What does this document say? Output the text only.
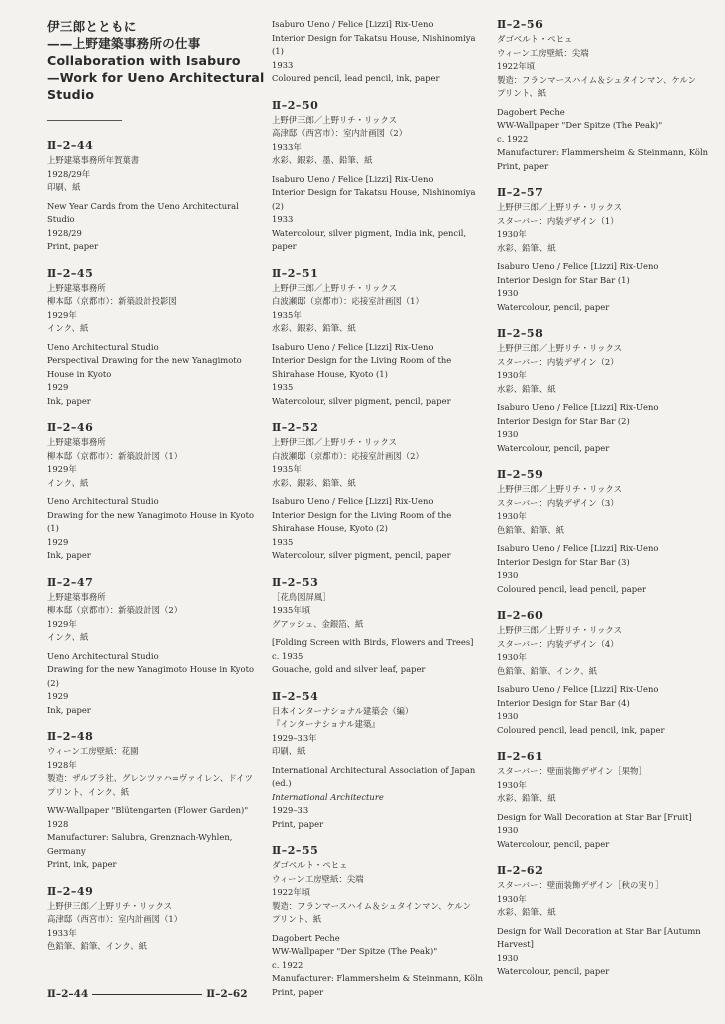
伊三郎とともに
——上野建築事務所の仕事
Collaboration with Isaburo
—Work for Ueno Architectural
Studio
Ⅱ–2–44
上野建築事務所年賀葉書
1928/29年
印刷、紙
New Year Cards from the Ueno Architectural Studio
1928/29
Print, paper
Ⅱ–2–45
上野建築事務所
柳本邸（京都市）：新築設計投影図
1929年
インク、紙
Ueno Architectural Studio
Perspectival Drawing for the new Yanagimoto House in Kyoto
1929
Ink, paper
Ⅱ–2–46
上野建築事務所
柳本邸（京都市）：新築設計図（1）
1929年
インク、紙
Ueno Architectural Studio
Drawing for the new Yanagimoto House in Kyoto (1)
1929
Ink, paper
Ⅱ–2–47
上野建築事務所
柳本邸（京都市）：新築設計図（2）
1929年
インク、紙
Ueno Architectural Studio
Drawing for the new Yanagimoto House in Kyoto (2)
1929
Ink, paper
Ⅱ–2–48
ウィーン工房壁紙：花園
1928年
製造：ザルブラ社、グレンツァハ=ヴァイレン、ドイツ
プリント、インク、紙
WW-Wallpaper "Blütengarten (Flower Garden)"
1928
Manufacturer: Salubra, Grenznach-Wyhlen, Germany
Print, ink, paper
Ⅱ–2–49
上野伊三郎／上野リチ・リックス
高津邸（西宮市）：室内計画図（1）
1933年
色鉛筆、鉛筆、インク、紙
Isaburo Ueno / Felice [Lizzi] Rix-Ueno
Interior Design for Takatsu House, Nishinomiya (1)
1933
Coloured pencil, lead pencil, ink, paper
Ⅱ–2–50
上野伊三郎／上野リチ・リックス
高津邸（西宮市）：室内計画図（2）
1933年
水彩、銀彩、墨、鉛筆、紙
Isaburo Ueno / Felice [Lizzi] Rix-Ueno
Interior Design for Takatsu House, Nishinomiya (2)
1933
Watercolour, silver pigment, India ink, pencil, paper
Ⅱ–2–51
上野伊三郎／上野リチ・リックス
白波瀬邸（京都市）：応接室計画図（1）
1935年
水彩、銀彩、鉛筆、紙
Isaburo Ueno / Felice [Lizzi] Rix-Ueno
Interior Design for the Living Room of the Shirahase House, Kyoto (1)
1935
Watercolour, silver pigment, pencil, paper
Ⅱ–2–52
上野伊三郎／上野リチ・リックス
白波瀬邸（京都市）：応接室計画図（2）
1935年
水彩、銀彩、鉛筆、紙
Isaburo Ueno / Felice [Lizzi] Rix-Ueno
Interior Design for the Living Room of the Shirahase House, Kyoto (2)
1935
Watercolour, silver pigment, pencil, paper
Ⅱ–2–53
［花鳥図屏風］
1935年頃
グアッシュ、金銀箔、紙
[Folding Screen with Birds, Flowers and Trees]
c. 1935
Gouache, gold and silver leaf, paper
Ⅱ–2–54
日本インターナショナル建築会（編）
『インターナショナル建築』
1929–33年
印刷、紙
International Architectural Association of Japan (ed.)
International Architecture
1929–33
Print, paper
Ⅱ–2–55
ダゴベルト・ペヒェ
ウィーン工房壁紙：尖端
1922年頃
製造：フランマースハイム＆シュタインマン、ケルン
プリント、紙
Dagobert Peche
WW-Wallpaper "Der Spitze (The Peak)"
c. 1922
Manufacturer: Flammersheim & Steinmann, Köln
Print, paper
Ⅱ–2–56
ダゴベルト・ペヒェ
ウィーン工房壁紙：尖端
1922年頃
製造：フランマースハイム＆シュタインマン、ケルン
プリント、紙
Dagobert Peche
WW-Wallpaper "Der Spitze (The Peak)"
c. 1922
Manufacturer: Flammersheim & Steinmann, Köln
Print, paper
Ⅱ–2–57
上野伊三郎／上野リチ・リックス
スターバー：内装デザイン（1）
1930年
水彩、鉛筆、紙
Isaburo Ueno / Felice [Lizzi] Rix-Ueno
Interior Design for Star Bar (1)
1930
Watercolour, pencil, paper
Ⅱ–2–58
上野伊三郎／上野リチ・リックス
スターバー：内装デザイン（2）
1930年
水彩、鉛筆、紙
Isaburo Ueno / Felice [Lizzi] Rix-Ueno
Interior Design for Star Bar (2)
1930
Watercolour, pencil, paper
Ⅱ–2–59
上野伊三郎／上野リチ・リックス
スターバー：内装デザイン（3）
1930年
色鉛筆、鉛筆、紙
Isaburo Ueno / Felice [Lizzi] Rix-Ueno
Interior Design for Star Bar (3)
1930
Coloured pencil, lead pencil, paper
Ⅱ–2–60
上野伊三郎／上野リチ・リックス
スターバー：内装デザイン（4）
1930年
色鉛筆、鉛筆、インク、紙
Isaburo Ueno / Felice [Lizzi] Rix-Ueno
Interior Design for Star Bar (4)
1930
Coloured pencil, lead pencil, ink, paper
Ⅱ–2–61
スターバー：壁面装飾デザイン［果物］
1930年
水彩、鉛筆、紙
Design for Wall Decoration at Star Bar [Fruit]
1930
Watercolour, pencil, paper
Ⅱ–2–62
スターバー：壁面装飾デザイン［秋の実り］
1930年
水彩、鉛筆、紙
Design for Wall Decoration at Star Bar [Autumn Harvest]
1930
Watercolour, pencil, paper
Ⅱ–2–44	Ⅱ–2–62
